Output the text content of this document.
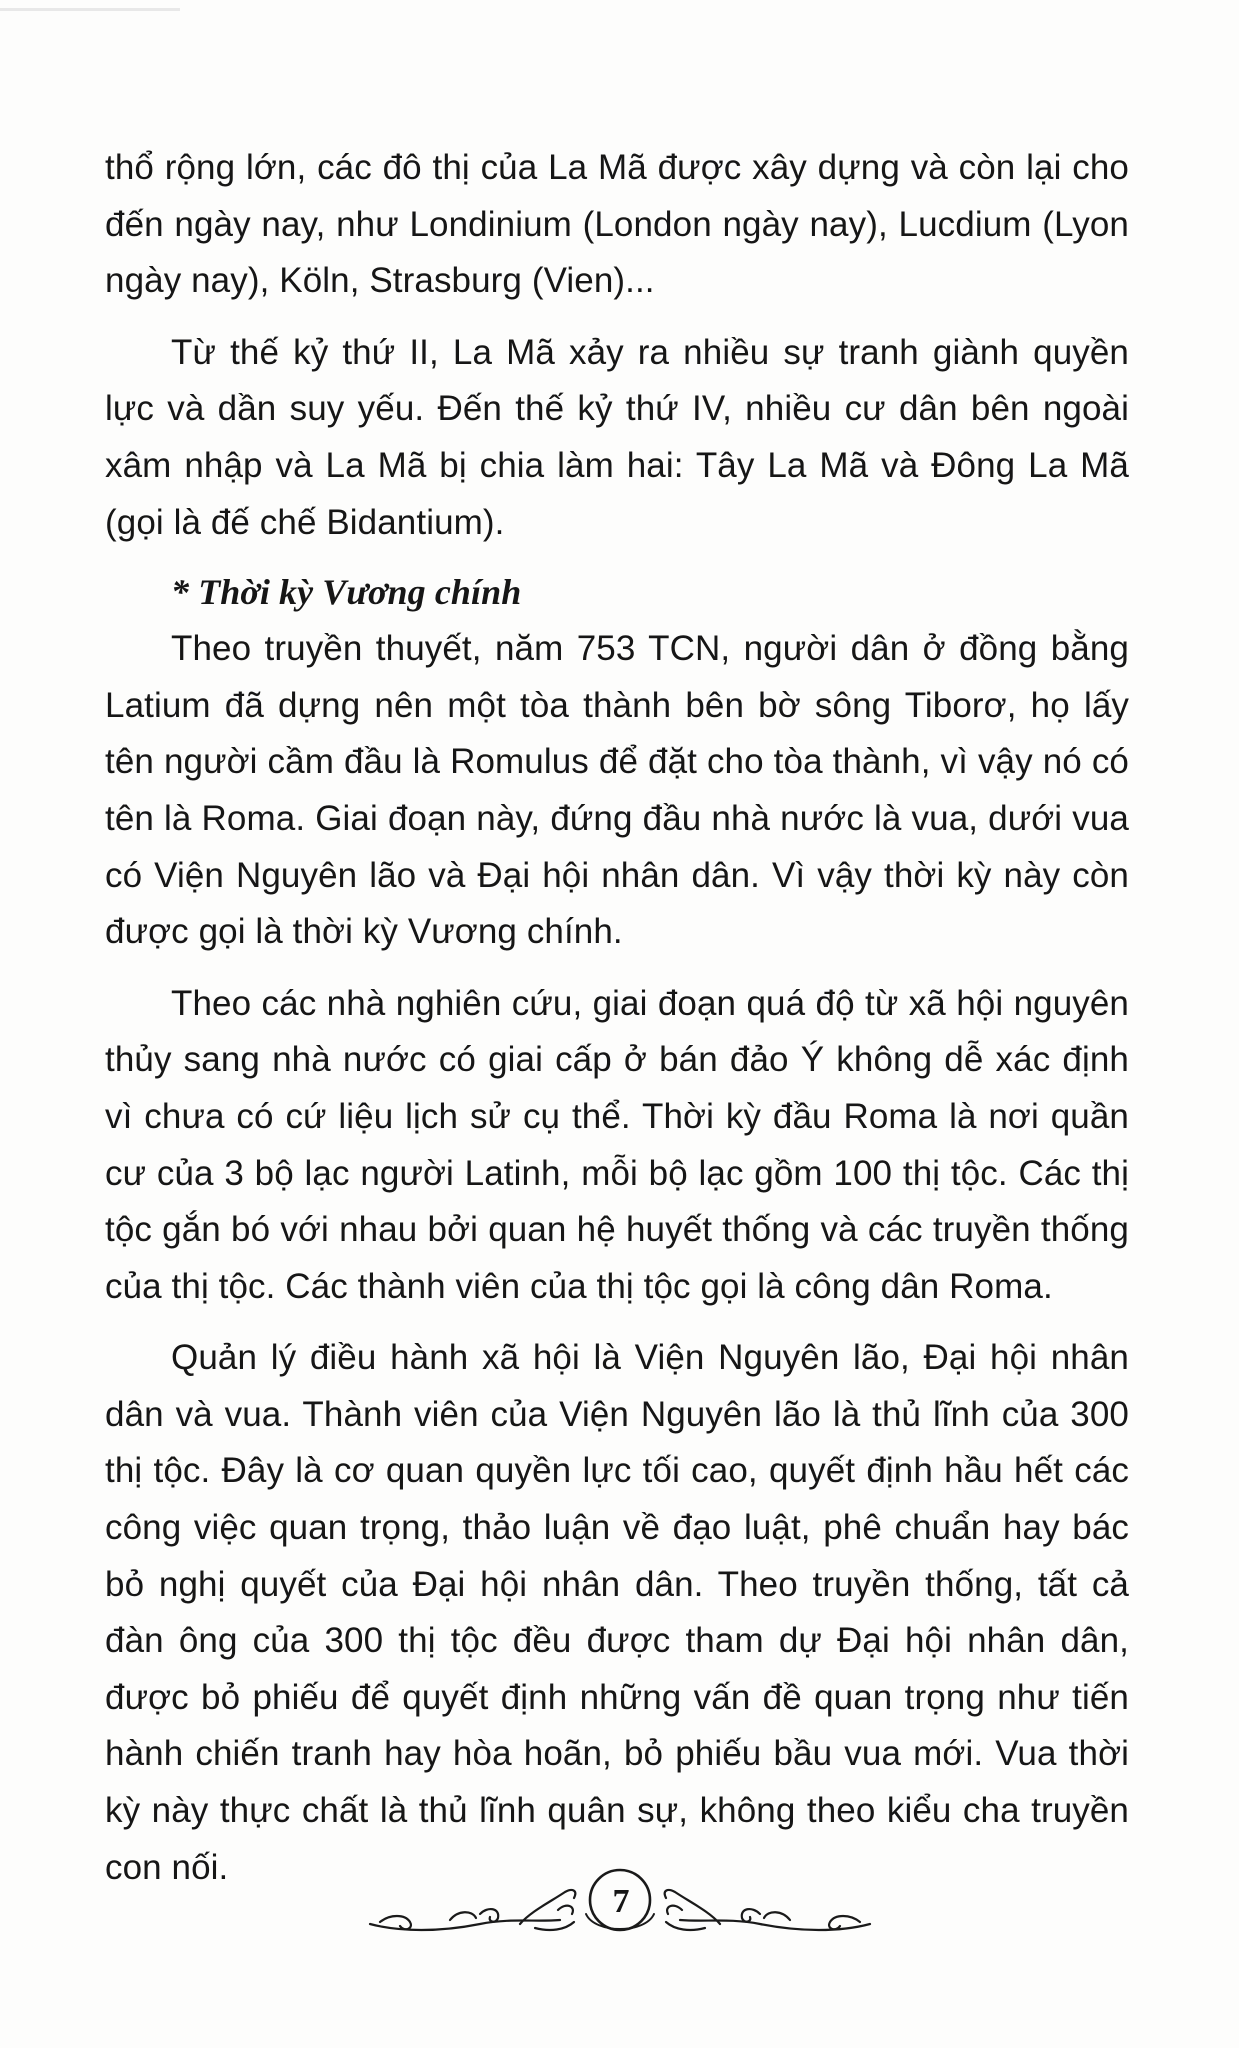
thổ rộng lớn, các đô thị của La Mã được xây dựng và còn lại cho đến ngày nay, như Londinium (London ngày nay), Lucdium (Lyon ngày nay), Köln, Strasburg (Vien)...

Từ thế kỷ thứ II, La Mã xảy ra nhiều sự tranh giành quyền lực và dần suy yếu. Đến thế kỷ thứ IV, nhiều cư dân bên ngoài xâm nhập và La Mã bị chia làm hai: Tây La Mã và Đông La Mã (gọi là đế chế Bidantium).

* Thời kỳ Vương chính

Theo truyền thuyết, năm 753 TCN, người dân ở đồng bằng Latium đã dựng nên một tòa thành bên bờ sông Tiborơ, họ lấy tên người cầm đầu là Romulus để đặt cho tòa thành, vì vậy nó có tên là Roma. Giai đoạn này, đứng đầu nhà nước là vua, dưới vua có Viện Nguyên lão và Đại hội nhân dân. Vì vậy thời kỳ này còn được gọi là thời kỳ Vương chính.

Theo các nhà nghiên cứu, giai đoạn quá độ từ xã hội nguyên thủy sang nhà nước có giai cấp ở bán đảo Ý không dễ xác định vì chưa có cứ liệu lịch sử cụ thể. Thời kỳ đầu Roma là nơi quần cư của 3 bộ lạc người Latinh, mỗi bộ lạc gồm 100 thị tộc. Các thị tộc gắn bó với nhau bởi quan hệ huyết thống và các truyền thống của thị tộc. Các thành viên của thị tộc gọi là công dân Roma.

Quản lý điều hành xã hội là Viện Nguyên lão, Đại hội nhân dân và vua. Thành viên của Viện Nguyên lão là thủ lĩnh của 300 thị tộc. Đây là cơ quan quyền lực tối cao, quyết định hầu hết các công việc quan trọng, thảo luận về đạo luật, phê chuẩn hay bác bỏ nghị quyết của Đại hội nhân dân. Theo truyền thống, tất cả đàn ông của 300 thị tộc đều được tham dự Đại hội nhân dân, được bỏ phiếu để quyết định những vấn đề quan trọng như tiến hành chiến tranh hay hòa hoãn, bỏ phiếu bầu vua mới. Vua thời kỳ này thực chất là thủ lĩnh quân sự, không theo kiểu cha truyền con nối.

7
